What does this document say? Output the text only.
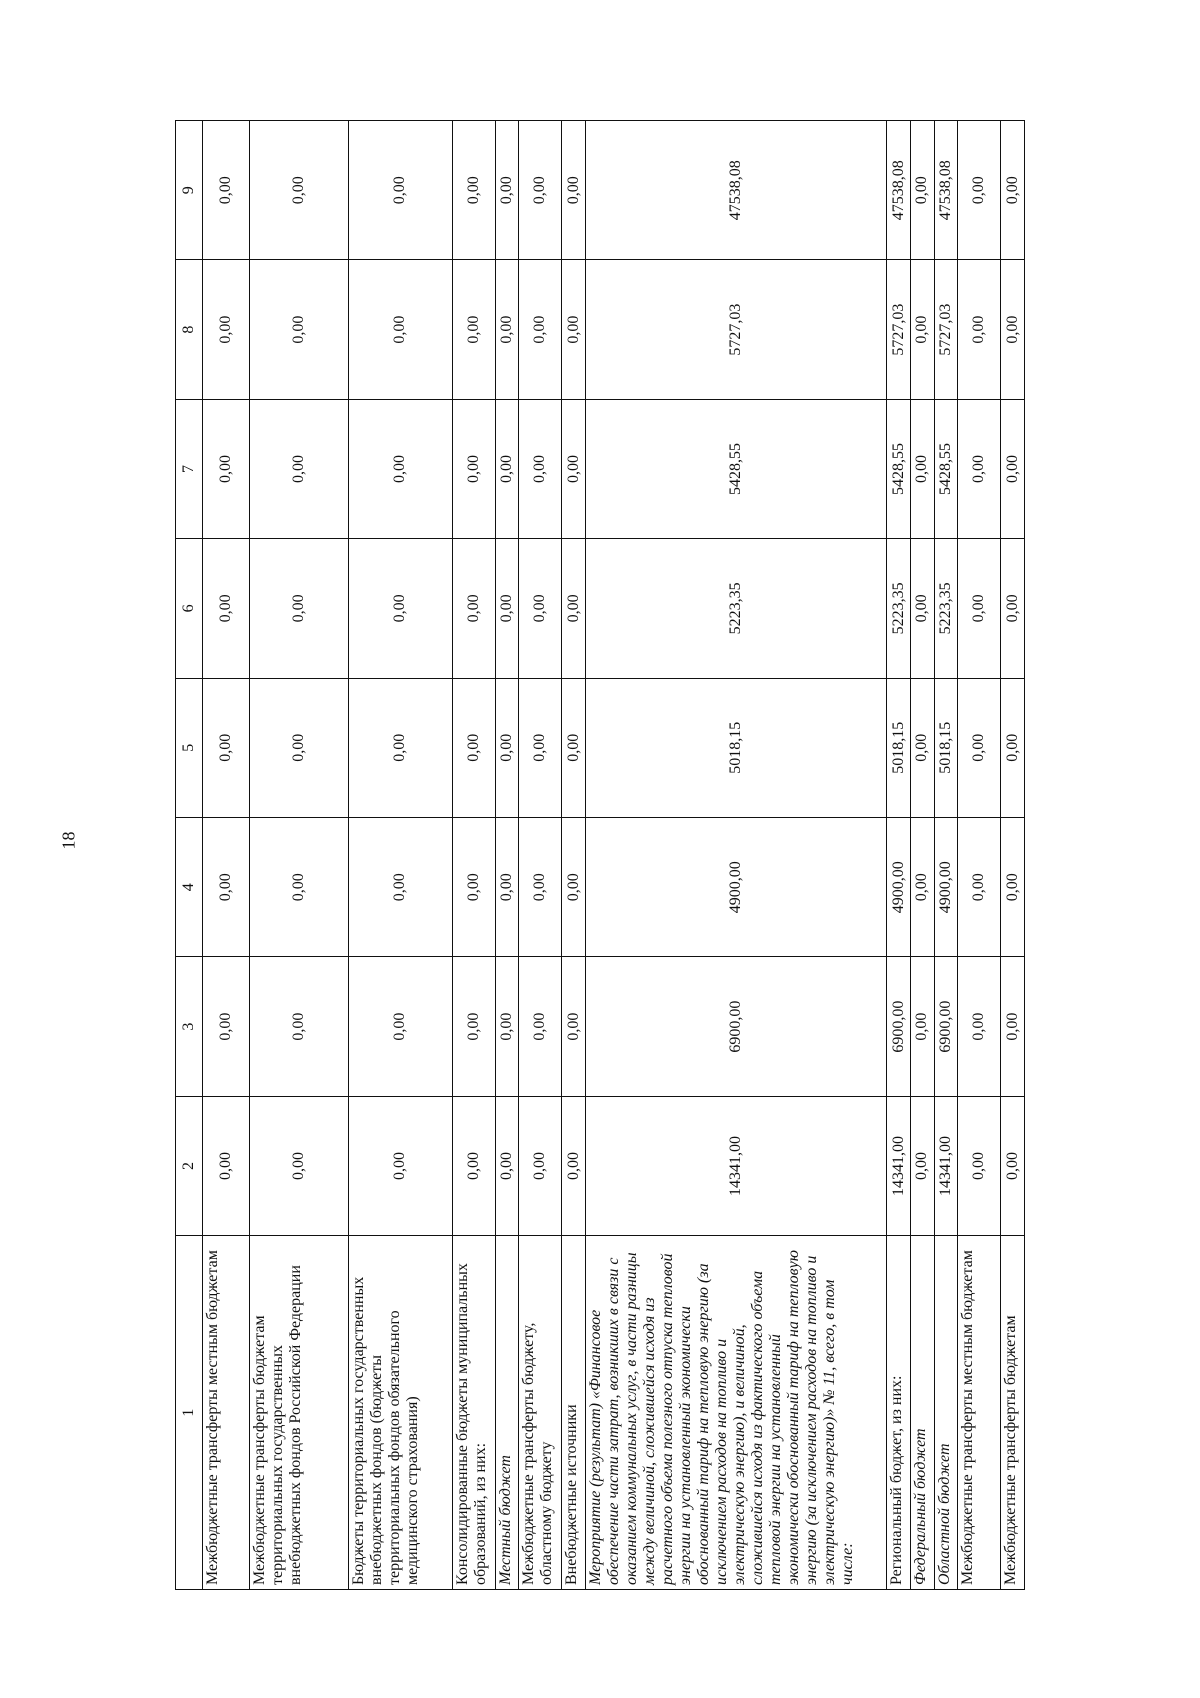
18
1	2	3	4	5	6	7	8	9
Межбюджетные трансферты местным бюджетам	0,00	0,00	0,00	0,00	0,00	0,00	0,00	0,00
Межбюджетные трансферты бюджетам территориальных государственных внебюджетных фондов Российской Федерации	0,00	0,00	0,00	0,00	0,00	0,00	0,00	0,00
Бюджеты территориальных государственных внебюджетных фондов (бюджеты территориальных фондов обязательного медицинского страхования)	0,00	0,00	0,00	0,00	0,00	0,00	0,00	0,00
Консолидированные бюджеты муниципальных образований, из них:	0,00	0,00	0,00	0,00	0,00	0,00	0,00	0,00
Местный бюджет	0,00	0,00	0,00	0,00	0,00	0,00	0,00	0,00
Межбюджетные трансферты бюджету, областному бюджету	0,00	0,00	0,00	0,00	0,00	0,00	0,00	0,00
Внебюджетные источники	0,00	0,00	0,00	0,00	0,00	0,00	0,00	0,00
Мероприятие (результат) «Финансовое обеспечение части затрат, возникших в связи с оказанием коммунальных услуг, в части разницы между величиной, сложившейся исходя из расчетного объема полезного отпуска тепловой энергии на установленный экономически обоснованный тариф на тепловую энергию (за исключением расходов на топливо и электрическую энергию), и величиной, сложившейся исходя из фактического объема тепловой энергии на установленный экономически обоснованный тариф на тепловую энергию (за исключением расходов на топливо и электрическую энергию)» № 11, всего, в том числе:	14341,00	6900,00	4900,00	5018,15	5223,35	5428,55	5727,03	47538,08
Региональный бюджет, из них:	14341,00	6900,00	4900,00	5018,15	5223,35	5428,55	5727,03	47538,08
Федеральный бюджет	0,00	0,00	0,00	0,00	0,00	0,00	0,00	0,00
Областной бюджет	14341,00	6900,00	4900,00	5018,15	5223,35	5428,55	5727,03	47538,08
Межбюджетные трансферты местным бюджетам	0,00	0,00	0,00	0,00	0,00	0,00	0,00	0,00
Межбюджетные трансферты бюджетам	0,00	0,00	0,00	0,00	0,00	0,00	0,00	0,00
